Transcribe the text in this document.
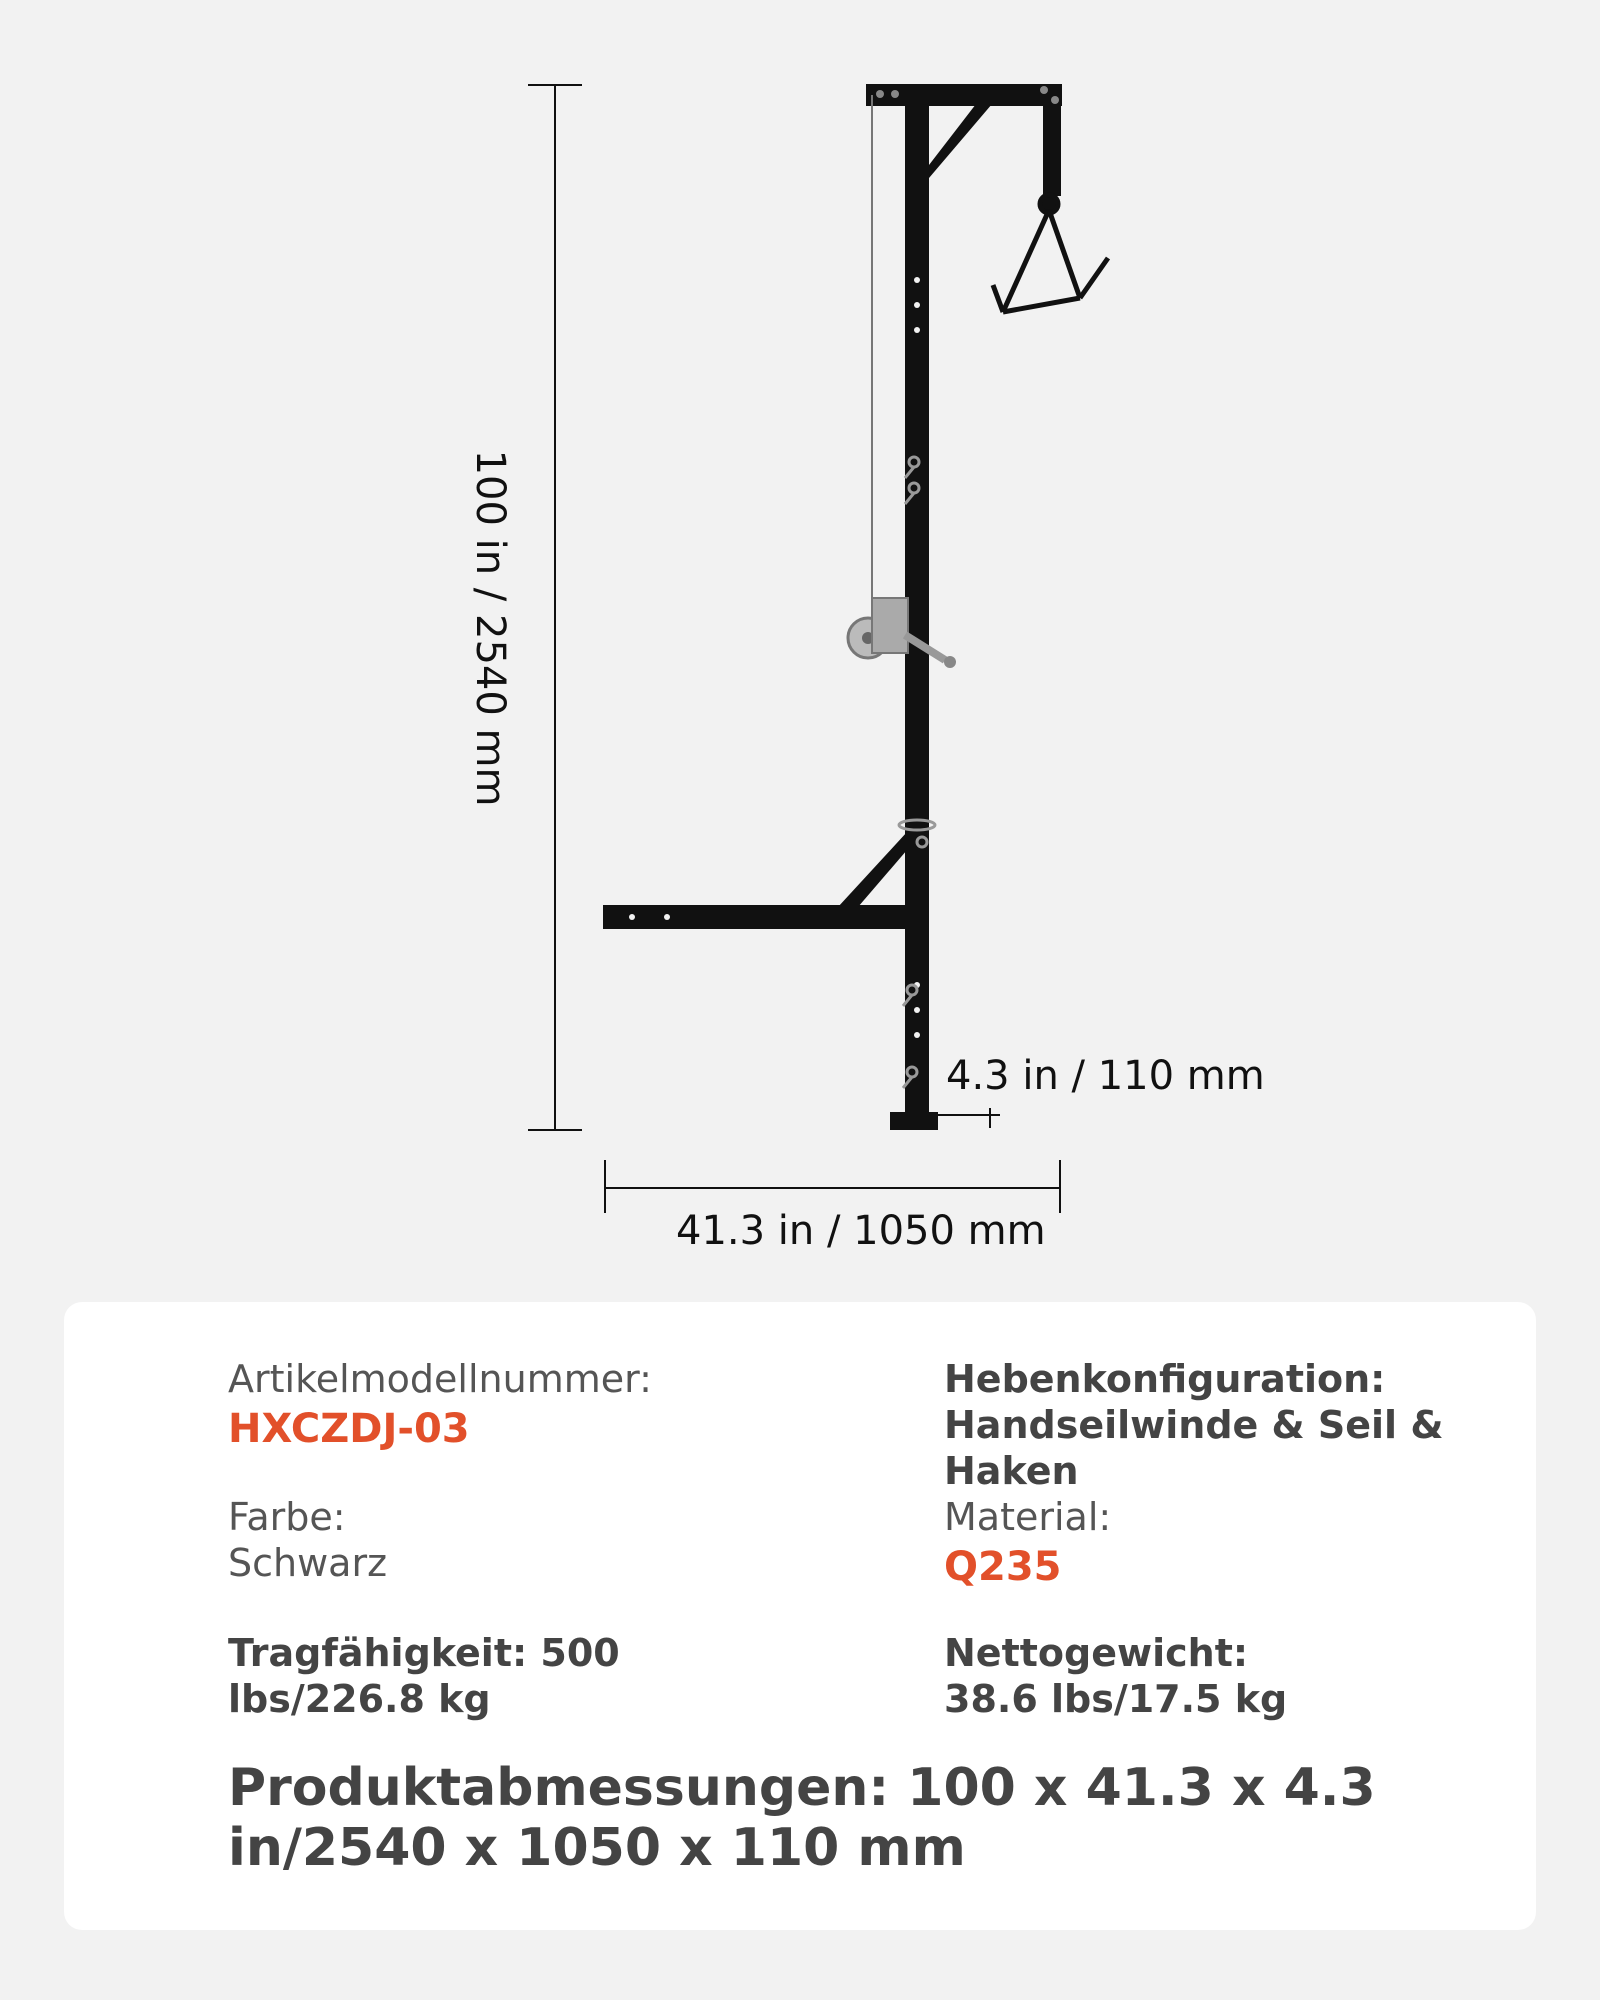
100 in / 2540 mm
4.3 in / 110 mm
41.3 in / 1050 mm
Artikelmodellnummer:
HXCZDJ-03
Hebenkonfiguration:
Handseilwinde & Seil & Haken
Farbe:
Schwarz
Material:
Q235
Tragfähigkeit: 500 lbs/226.8 kg
Nettogewicht:
38.6 lbs/17.5 kg
Produktabmessungen: 100 x 41.3 x 4.3 in/2540 x 1050 x 110 mm
